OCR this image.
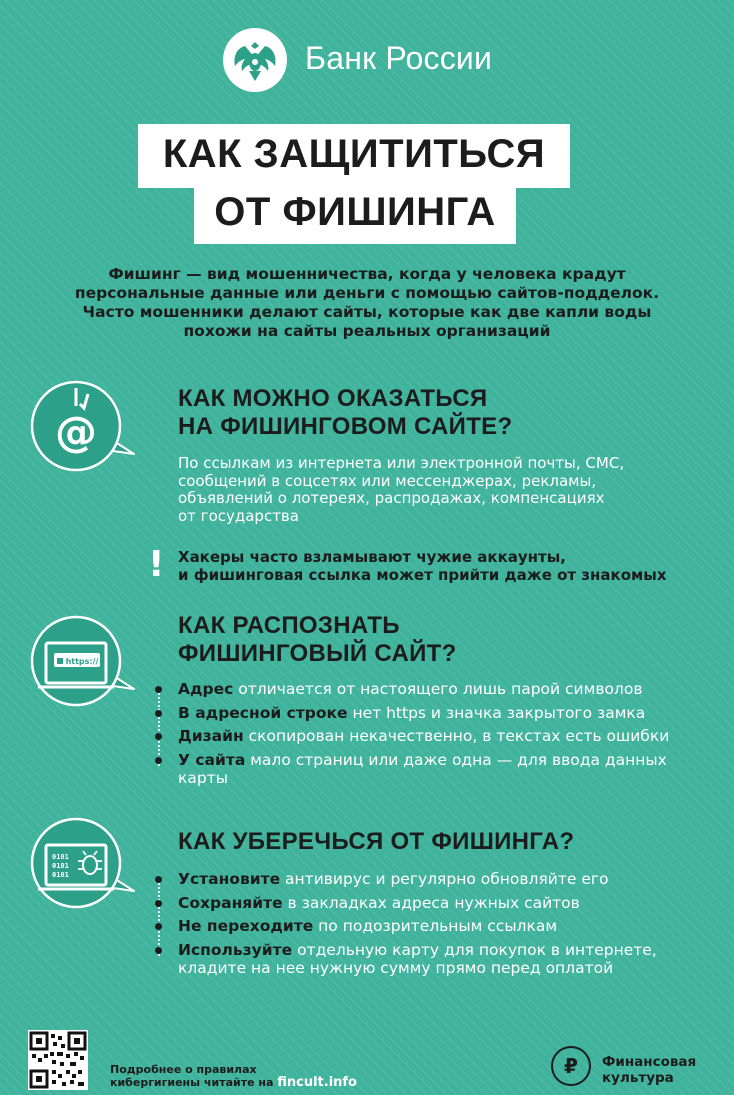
Банк России
КАК ЗАЩИТИТЬСЯ
ОТ ФИШИНГА
Фишинг — вид мошенничества, когда у человека крадут
персональные данные или деньги с помощью сайтов-подделок.
Часто мошенники делают сайты, которые как две капли воды
похожи на сайты реальных организаций
@
КАК МОЖНО ОКАЗАТЬСЯ
НА ФИШИНГОВОМ САЙТЕ?
По ссылкам из интернета или электронной почты, СМС,
сообщений в соцсетях или мессенджерах, рекламы,
объявлений о лотереях, распродажах, компенсациях
от государства
! Хакеры часто взламывают чужие аккаунты,
и фишинговая ссылка может прийти даже от знакомых
https://
КАК РАСПОЗНАТЬ
ФИШИНГОВЫЙ САЙТ?
Адрес отличается от настоящего лишь парой символов
В адресной строке нет https и значка закрытого замка
Дизайн скопирован некачественно, в текстах есть ошибки
У сайта мало страниц или даже одна — для ввода данных карты
0101
0101
0101
КАК УБЕРЕЧЬСЯ ОТ ФИШИНГА?
Установите антивирус и регулярно обновляйте его
Сохраняйте в закладках адреса нужных сайтов
Не переходите по подозрительным ссылкам
Используйте отдельную карту для покупок в интернете, кладите на нее нужную сумму прямо перед оплатой
Подробнее о правилах
кибергигиены читайте на fincult.info
₽	Финансовая
культура
